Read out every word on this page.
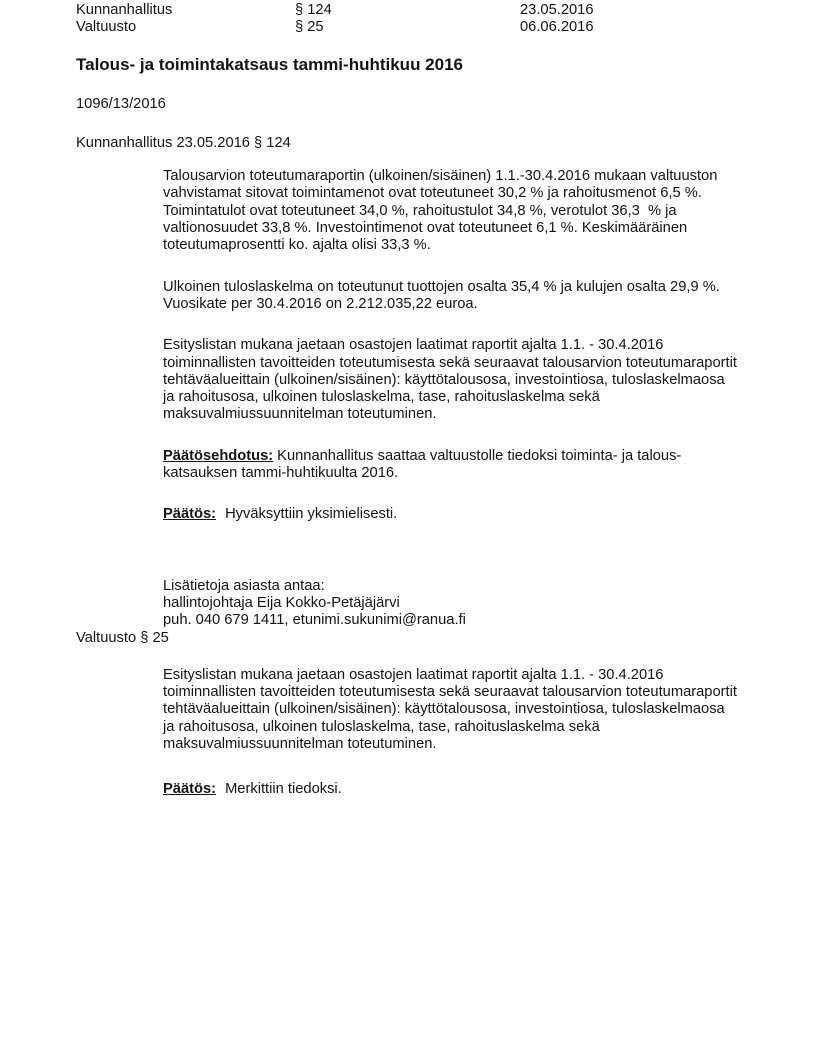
Kunnanhallitus	§ 124	23.05.2016
Valtuusto	§ 25	06.06.2016
Talous- ja toimintakatsaus tammi-huhtikuu 2016
1096/13/2016
Kunnanhallitus 23.05.2016 § 124

Talousarvion toteutumaraportin (ulkoinen/sisäinen) 1.1.-30.4.2016 mukaan valtuuston vahvistamat sitovat toimintamenot ovat toteutuneet 30,2 % ja rahoitusmenot 6,5 %. Toimintatulot ovat toteutuneet 34,0 %, rahoitustulot 34,8 %, verotulot 36,3  % ja valtionosuudet 33,8 %. Investointimenot ovat toteutuneet 6,1 %. Keskimääräinen toteutumaprosentti ko. ajalta olisi 33,3 %.

Ulkoinen tuloslaskelma on toteutunut tuottojen osalta 35,4 % ja kulujen osalta 29,9 %. Vuosikate per 30.4.2016 on 2.212.035,22 euroa.

Esityslistan mukana jaetaan osastojen laatimat raportit ajalta 1.1. - 30.4.2016 toiminnallisten tavoitteiden toteutumisesta sekä seuraavat talousarvion toteutumaraportit tehtäväalueittain (ulkoinen/sisäinen): käyttötalousosa, investointiosa, tuloslaskelmaosa ja rahoitusosa, ulkoinen tuloslaskelma, tase, rahoituslaskelma sekä maksuvalmiussuunnitelman toteutuminen.

Päätösehdotus: Kunnanhallitus saattaa valtuustolle tiedoksi toiminta- ja talous-katsauksen tammi-huhtikuulta 2016.

Päätös: Hyväksyttiin yksimielisesti.

Lisätietoja asiasta antaa:
hallintojohtaja Eija Kokko-Petäjäjärvi
puh. 040 679 1411, etunimi.sukunimi@ranua.fi
Valtuusto § 25

Esityslistan mukana jaetaan osastojen laatimat raportit ajalta 1.1. - 30.4.2016 toiminnallisten tavoitteiden toteutumisesta sekä seuraavat talousarvion toteutumaraportit tehtäväalueittain (ulkoinen/sisäinen): käyttötalousosa, investointiosa, tuloslaskelmaosa ja rahoitusosa, ulkoinen tuloslaskelma, tase, rahoituslaskelma sekä maksuvalmiussuunnitelman toteutuminen.

Päätös: Merkittiin tiedoksi.
